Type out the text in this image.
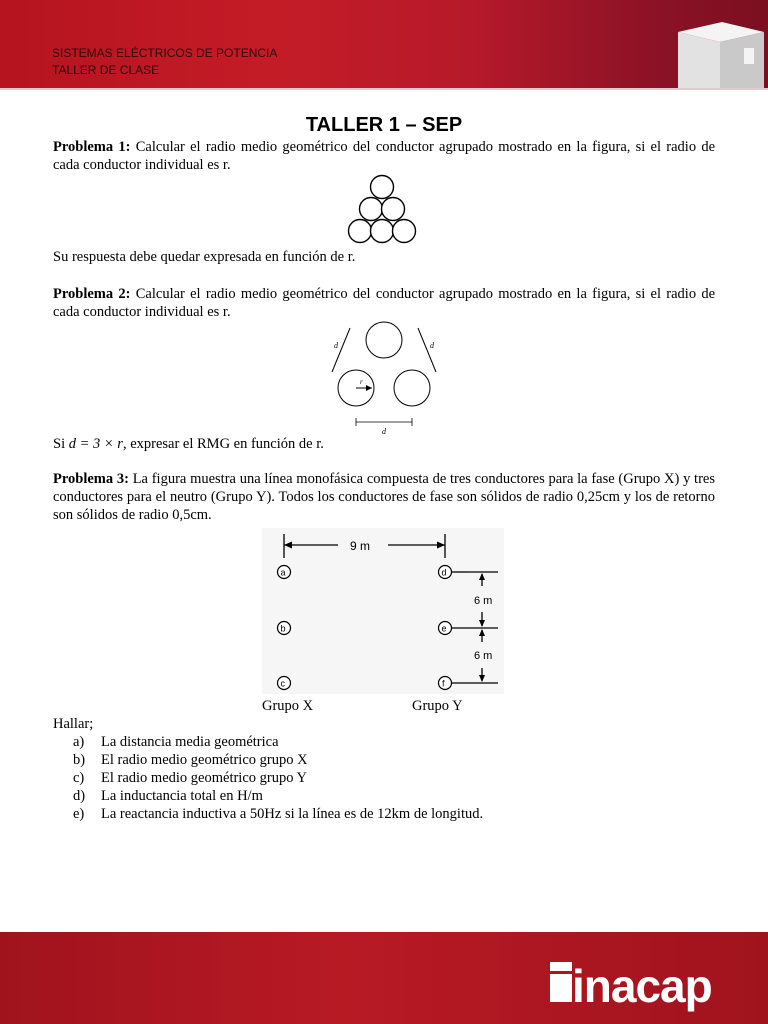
SISTEMAS ELÉCTRICOS DE POTENCIA
TALLER DE CLASE
TALLER 1 – SEP
Problema 1: Calcular el radio medio geométrico del conductor agrupado mostrado en la figura, si el radio de cada conductor individual es r.
Su respuesta debe quedar expresada en función de r.
Problema 2: Calcular el radio medio geométrico del conductor agrupado mostrado en la figura, si el radio de cada conductor individual es r.
d	d
r
d
Si d = 3 × r, expresar el RMG en función de r.
Problema 3: La figura muestra una línea monofásica compuesta de tres conductores para la fase (Grupo X) y tres conductores para el neutro (Grupo Y). Todos los conductores de fase son sólidos de radio 0,25cm y los de retorno son sólidos de radio 0,5cm.
9 m
a
b
c
d
e
f
6 m
6 m
Grupo X	Grupo Y
Hallar;
a) La distancia media geométrica
b) El radio medio geométrico grupo X
c) El radio medio geométrico grupo Y
d) La inductancia total en H/m
e) La reactancia inductiva a 50Hz si la línea es de 12km de longitud.
inacap
